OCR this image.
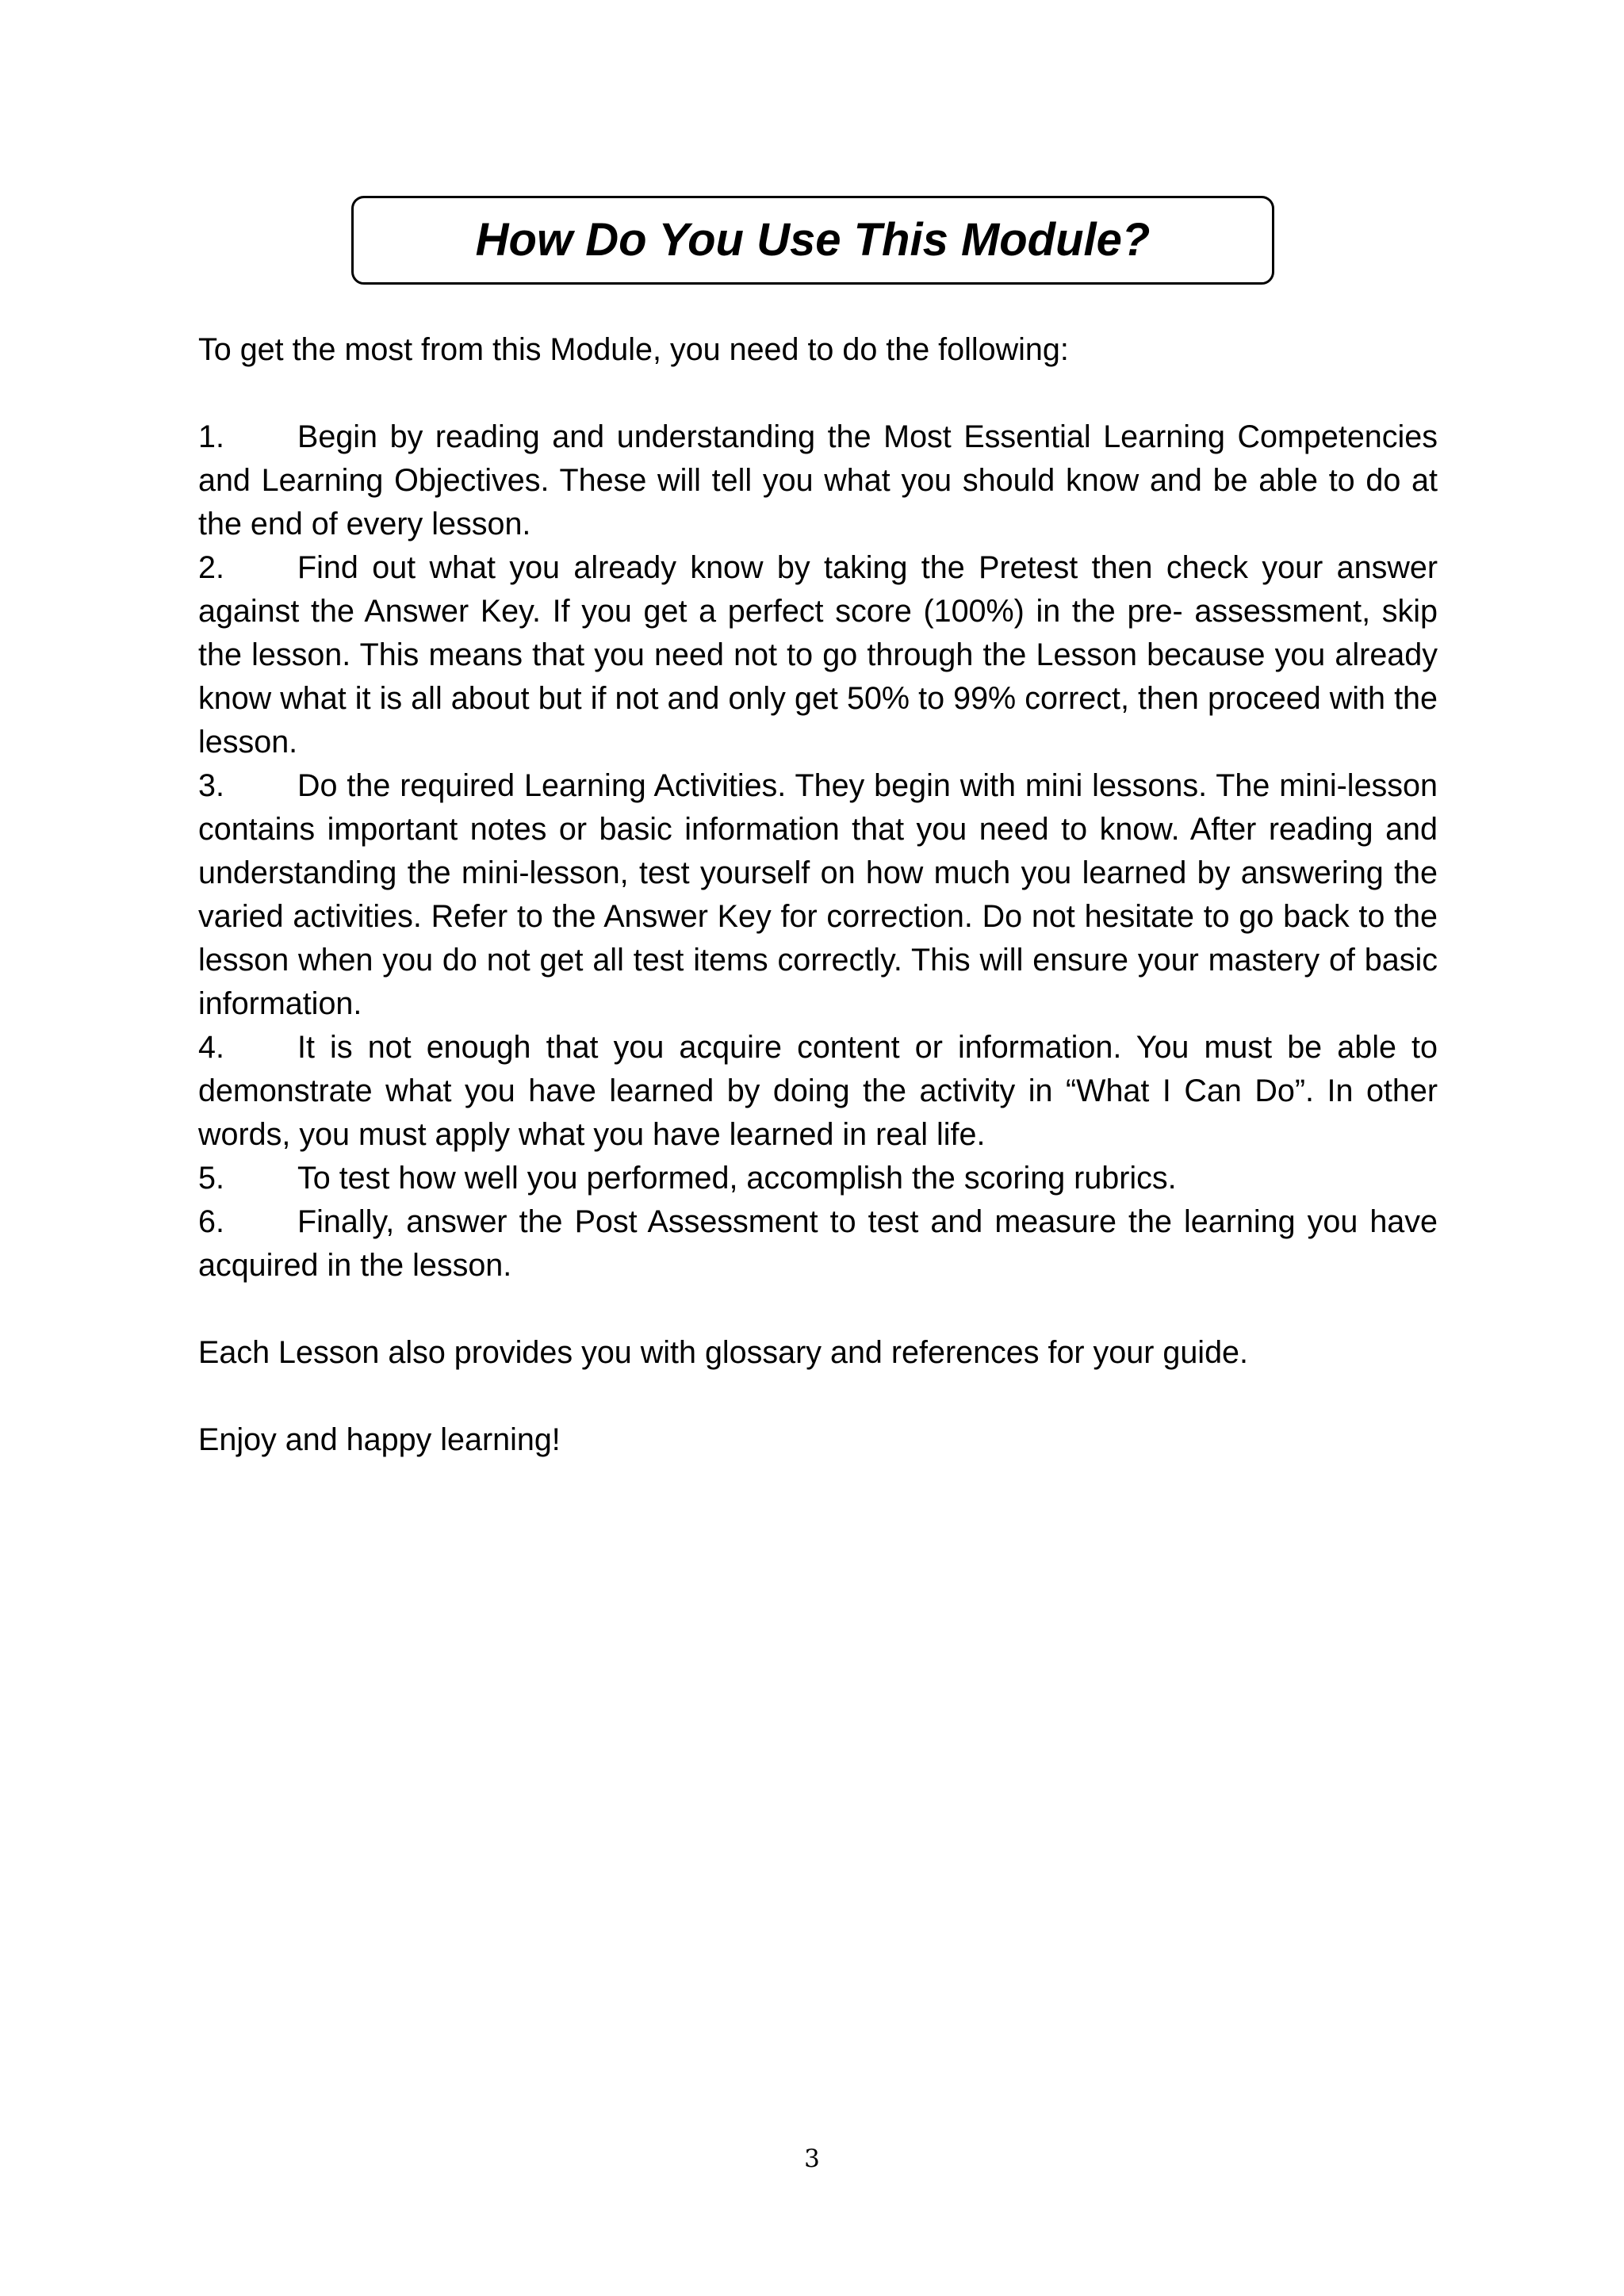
How Do You Use This Module?

To get the most from this Module, you need to do the following:

1. Begin by reading and understanding the Most Essential Learning Competencies and Learning Objectives. These will tell you what you should know and be able to do at the end of every lesson.

2. Find out what you already know by taking the Pretest then check your answer against the Answer Key. If you get a perfect score (100%) in the pre- assessment, skip the lesson. This means that you need not to go through the Lesson because you already know what it is all about but if not and only get 50% to 99% correct, then proceed with the lesson.

3. Do the required Learning Activities. They begin with mini lessons. The mini-lesson contains important notes or basic information that you need to know. After reading and understanding the mini-lesson, test yourself on how much you learned by answering the varied activities. Refer to the Answer Key for correction. Do not hesitate to go back to the lesson when you do not get all test items correctly. This will ensure your mastery of basic information.

4. It is not enough that you acquire content or information. You must be able to demonstrate what you have learned by doing the activity in “What I Can Do”. In other words, you must apply what you have learned in real life.

5. To test how well you performed, accomplish the scoring rubrics.

6. Finally, answer the Post Assessment to test and measure the learning you have acquired in the lesson.

Each Lesson also provides you with glossary and references for your guide.

Enjoy and happy learning!

3
